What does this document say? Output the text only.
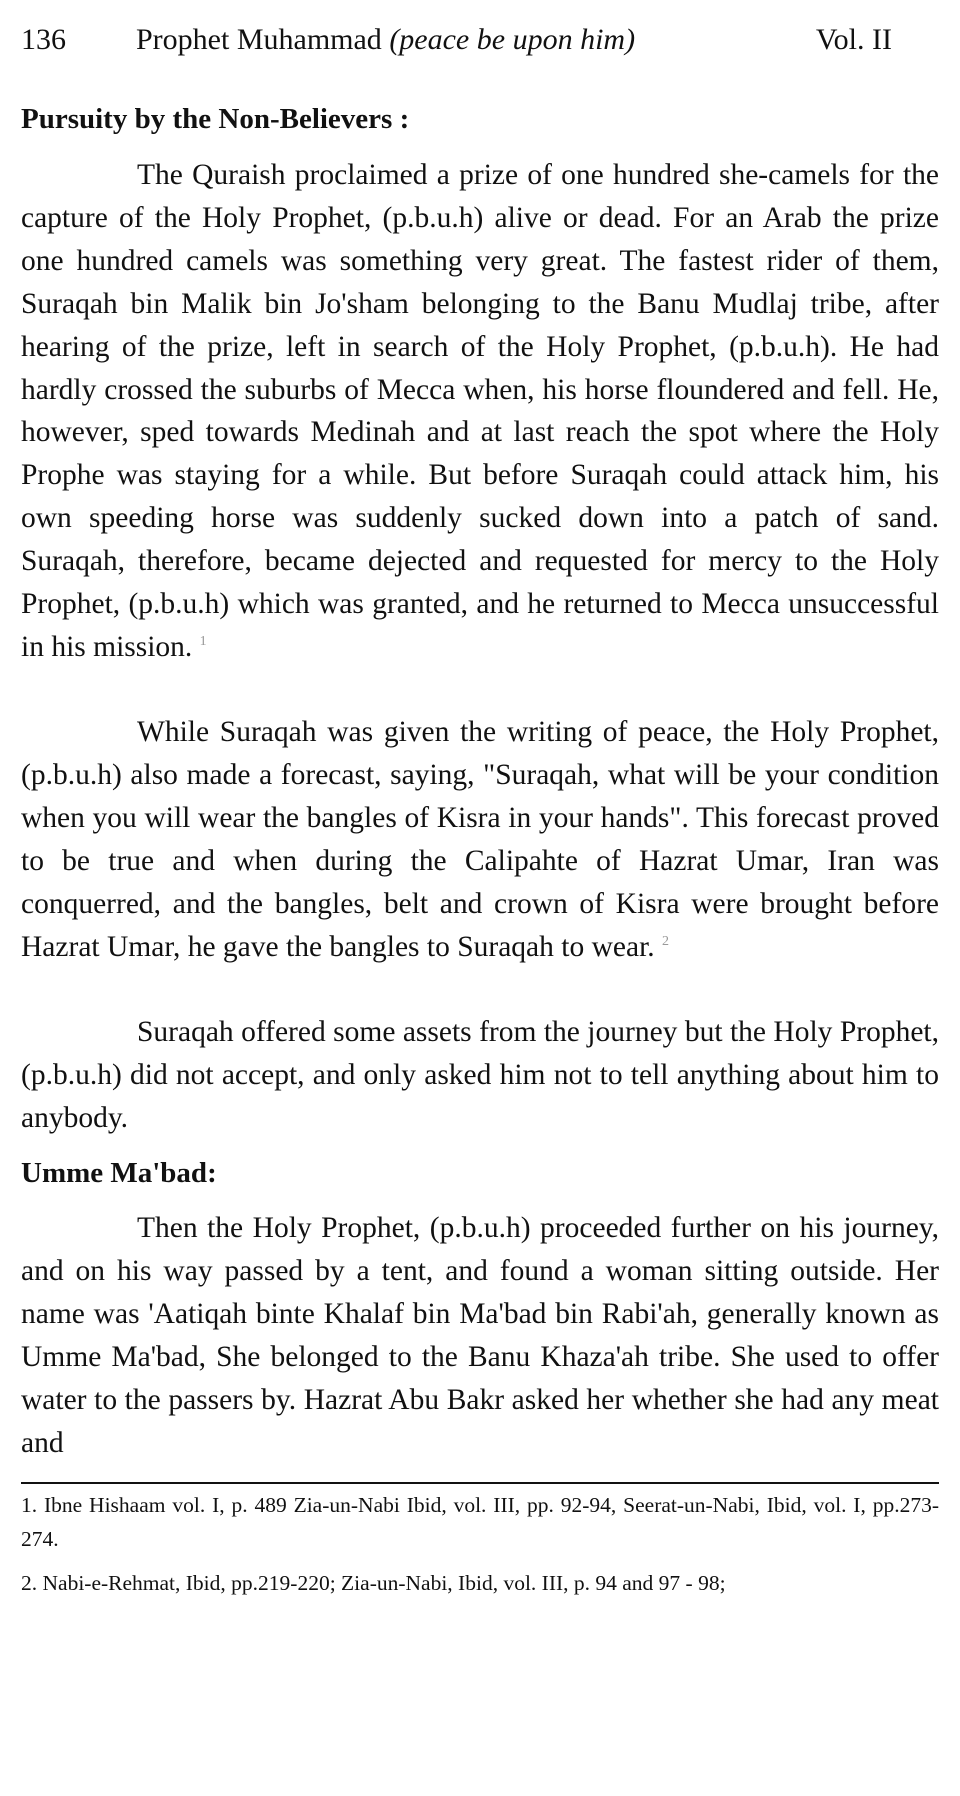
136 Prophet Muhammad (peace be upon him)	Vol. II
Pursuity by the Non-Believers :

The Quraish proclaimed a prize of one hundred she-camels for the capture of the Holy Prophet, (p.b.u.h) alive or dead. For an Arab the prize one hundred camels was something very great. The fastest rider of them, Suraqah bin Malik bin Jo'sham belonging to the Banu Mudlaj tribe, after hearing of the prize, left in search of the Holy Prophet, (p.b.u.h). He had hardly crossed the suburbs of Mecca when, his horse floundered and fell. He, however, sped towards Medinah and at last reach the spot where the Holy Prophe was staying for a while. But before Suraqah could attack him, his own speeding horse was suddenly sucked down into a patch of sand. Suraqah, therefore, became dejected and requested for mercy to the Holy Prophet, (p.b.u.h) which was granted, and he returned to Mecca unsuccessful in his mission. $^1$

While Suraqah was given the writing of peace, the Holy Prophet, (p.b.u.h) also made a forecast, saying, "Suraqah, what will be your condition when you will wear the bangles of Kisra in your hands". This forecast proved to be true and when during the Calipahte of Hazrat Umar, Iran was conquerred, and the bangles, belt and crown of Kisra were brought before Hazrat Umar, he gave the bangles to Suraqah to wear. $^2$

Suraqah offered some assets from the journey but the Holy Prophet, (p.b.u.h) did not accept, and only asked him not to tell anything about him to anybody.

Umme Ma'bad:

Then the Holy Prophet, (p.b.u.h) proceeded further on his journey, and on his way passed by a tent, and found a woman sitting outside. Her name was 'Aatiqah binte Khalaf bin Ma'bad bin Rabi'ah, generally known as Umme Ma'bad, She belonged to the Banu Khaza'ah tribe. She used to offer water to the passers by. Hazrat Abu Bakr asked her whether she had any meat and

1. Ibne Hishaam vol. I, p. 489 Zia-un-Nabi Ibid, vol. III, pp. 92-94, Seerat-un-Nabi, Ibid, vol. I, pp.273-274.

2. Nabi-e-Rehmat, Ibid, pp.219-220; Zia-un-Nabi, Ibid, vol. III, p. 94 and 97 - 98;
